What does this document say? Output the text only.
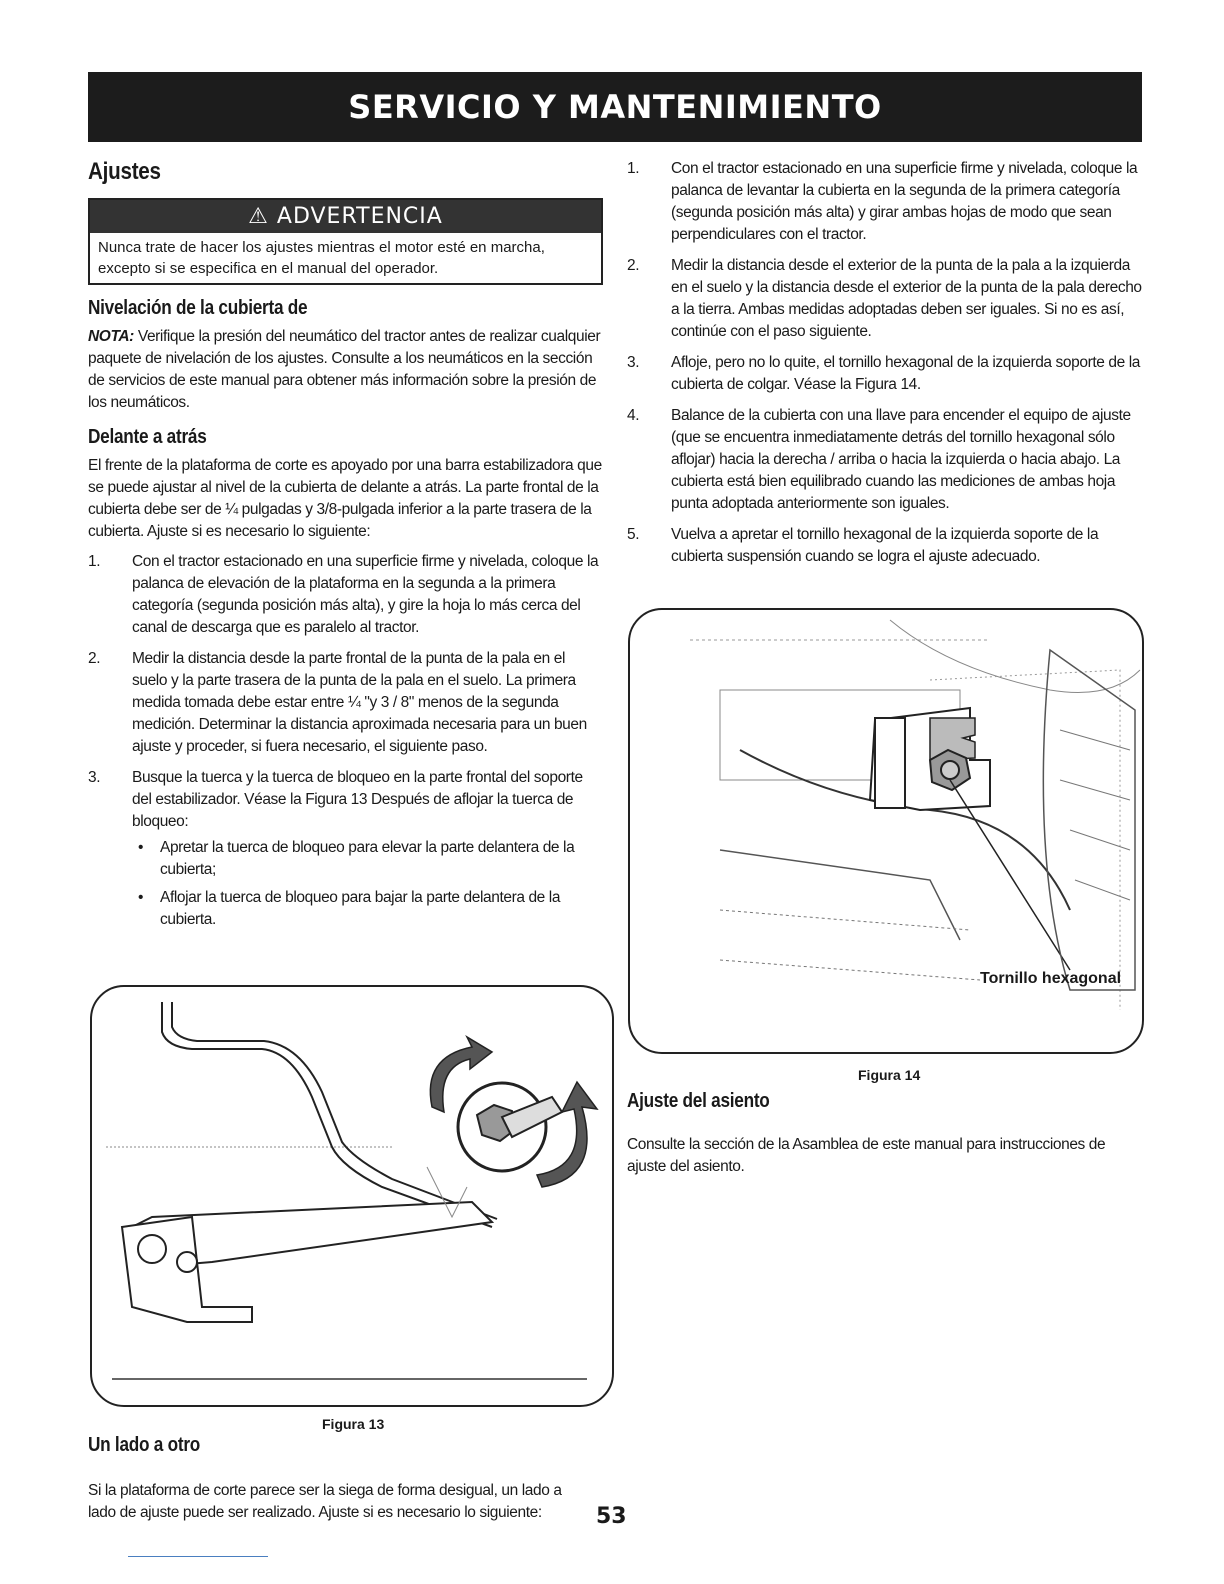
SERVICIO Y MANTENIMIENTO
Ajustes
⚠ ADVERTENCIA
Nunca trate de hacer los ajustes mientras el motor esté en marcha, excepto si se especifica en el manual del operador.
Nivelación de la cubierta de

NOTA: Verifique la presión del neumático del tractor antes de realizar cualquier paquete de nivelación de los ajustes. Consulte a los neumáticos en la sección de servicios de este manual para obtener más información sobre la presión de los neumáticos.

Delante a atrás

El frente de la plataforma de corte es apoyado por una barra estabilizadora que se puede ajustar al nivel de la cubierta de delante a atrás. La parte frontal de la cubierta debe ser de ¼ pulgadas y 3/8-pulgada inferior a la parte trasera de la cubierta. Ajuste si es necesario lo siguiente:

1. Con el tractor estacionado en una superficie firme y nivelada, coloque la palanca de elevación de la plataforma en la segunda a la primera categoría (segunda posición más alta), y gire la hoja lo más cerca del canal de descarga que es paralelo al tractor.
2. Medir la distancia desde la parte frontal de la punta de la pala en el suelo y la parte trasera de la punta de la pala en el suelo. La primera medida tomada debe estar entre ¼ "y 3 / 8" menos de la segunda medición. Determinar la distancia aproximada necesaria para un buen ajuste y proceder, si fuera necesario, el siguiente paso.
3. Busque la tuerca y la tuerca de bloqueo en la parte frontal del soporte del estabilizador. Véase la Figura 13 Después de aflojar la tuerca de bloqueo:
• Apretar la tuerca de bloqueo para elevar la parte delantera de la cubierta;
• Aflojar la tuerca de bloqueo para bajar la parte delantera de la cubierta.
Figura 13
Un lado a otro

Si la plataforma de corte parece ser la siega de forma desigual, un lado a lado de ajuste puede ser realizado. Ajuste si es necesario lo siguiente:

1. Con el tractor estacionado en una superficie firme y nivelada, coloque la palanca de levantar la cubierta en la segunda de la primera categoría (segunda posición más alta) y girar ambas hojas de modo que sean perpendiculares con el tractor.
2. Medir la distancia desde el exterior de la punta de la pala a la izquierda en el suelo y la distancia desde el exterior de la punta de la pala derecho a la tierra. Ambas medidas adoptadas deben ser iguales. Si no es así, continúe con el paso siguiente.
3. Afloje, pero no lo quite, el tornillo hexagonal de la izquierda soporte de la cubierta de colgar. Véase la Figura 14.
4. Balance de la cubierta con una llave para encender el equipo de ajuste (que se encuentra inmediatamente detrás del tornillo hexagonal sólo aflojar) hacia la derecha / arriba o hacia la izquierda o hacia abajo. La cubierta está bien equilibrado cuando las mediciones de ambas hoja punta adoptada anteriormente son iguales.
5. Vuelva a apretar el tornillo hexagonal de la izquierda soporte de la cubierta suspensión cuando se logra el ajuste adecuado.
Tornillo hexagonal
Figura 14
Ajuste del asiento

Consulte la sección de la Asamblea de este manual para instrucciones de ajuste del asiento.

53
